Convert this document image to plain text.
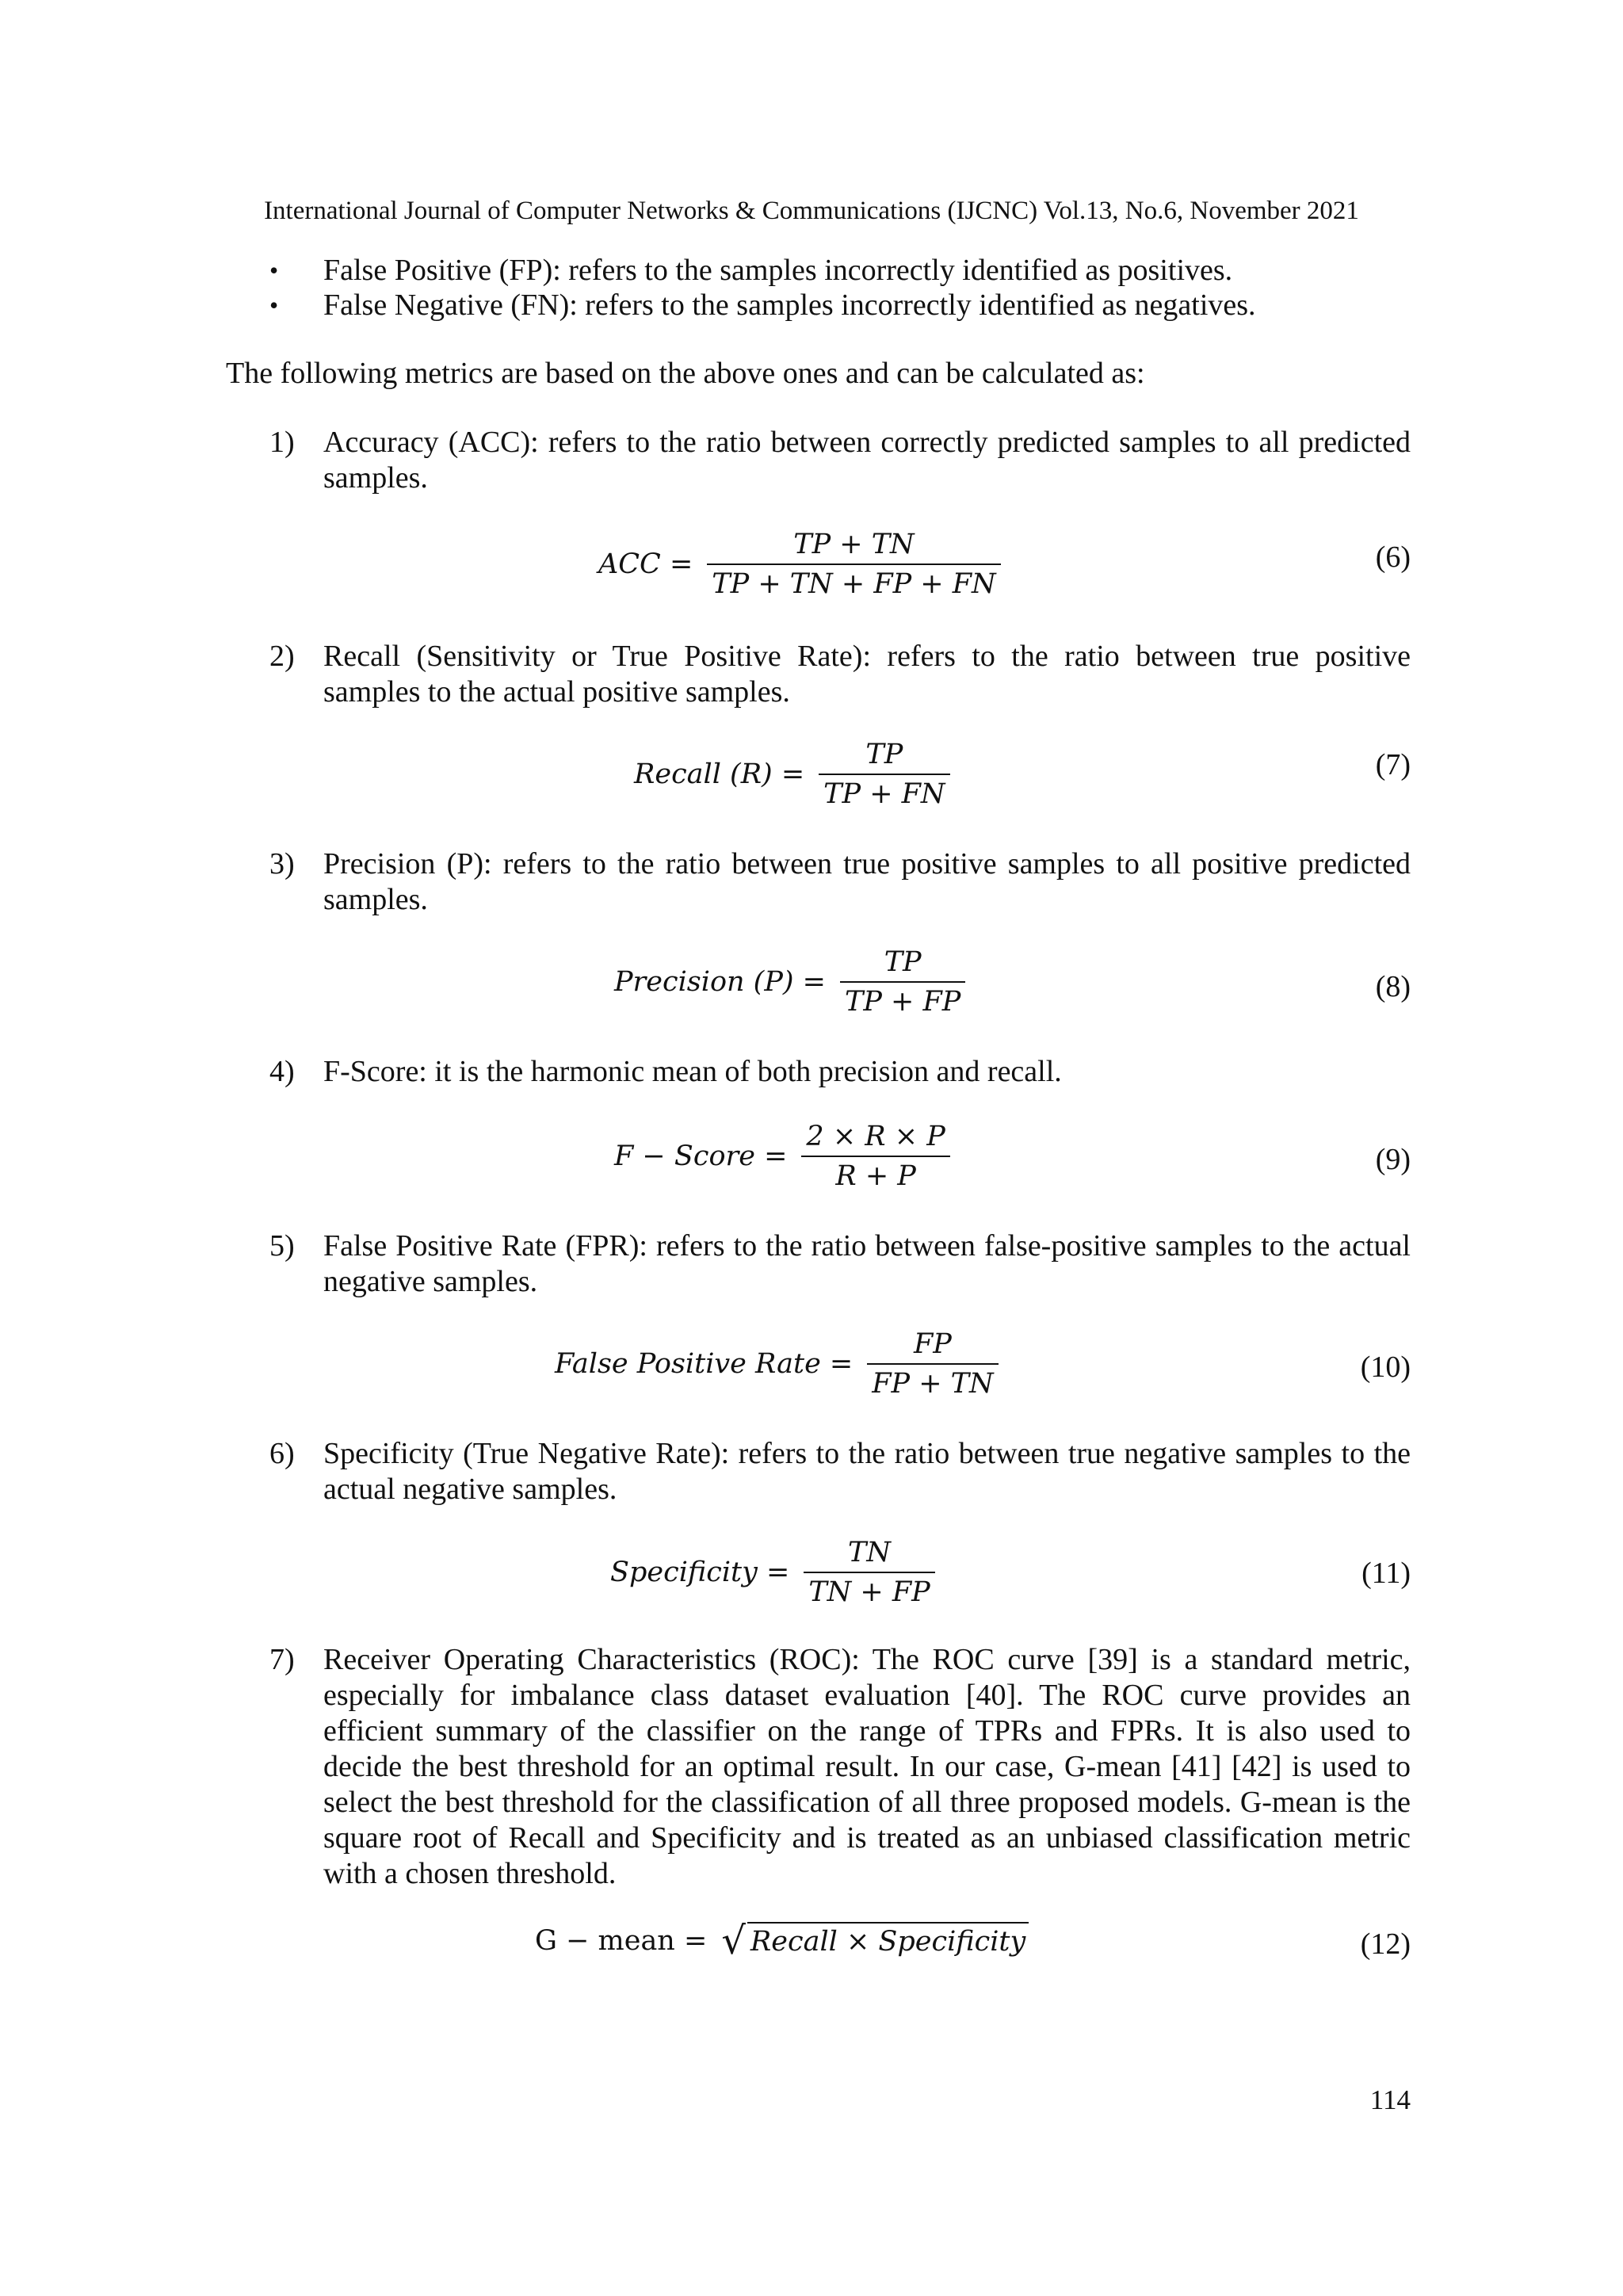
International Journal of Computer Networks & Communications (IJCNC) Vol.13, No.6, November 2021
•	False Positive (FP): refers to the samples incorrectly identified as positives.
•	False Negative (FN): refers to the samples incorrectly identified as negatives.
The following metrics are based on the above ones and can be calculated as:
1) Accuracy (ACC): refers to the ratio between correctly predicted samples to all predicted
samples.
ACC = $\frac{TP + TN}{TP + TN + FP + FN}$	(6)
2) Recall (Sensitivity or True Positive Rate): refers to the ratio between true positive
samples to the actual positive samples.
Recall $(R) = \frac{TP}{TP + FN}$	(7)
3) Precision (P): refers to the ratio between true positive samples to all positive predicted
samples.
Precision $(P) = \frac{TP}{TP + FP}$	(8)
4) F-Score: it is the harmonic mean of both precision and recall.
F − Score = $\frac{2 \times R \times P}{R + P}$	(9)
5) False Positive Rate (FPR): refers to the ratio between false-positive samples to the actual
negative samples.
False Positive Rate = $\frac{FP}{FP + TN}$	(10)
6) Specificity (True Negative Rate): refers to the ratio between true negative samples to the
actual negative samples.
Specificity = $\frac{TN}{TN + FP}$	(11)
7) Receiver Operating Characteristics (ROC): The ROC curve [39] is a standard metric,
especially for imbalance class dataset evaluation [40]. The ROC curve provides an
efficient summary of the classifier on the range of TPRs and FPRs. It is also used to
decide the best threshold for an optimal result. In our case, G-mean [41] [42] is used to
select the best threshold for the classification of all three proposed models. G-mean is the
square root of Recall and Specificity and is treated as an unbiased classification metric
with a chosen threshold.
G − mean = √ Recall × Specificity	(12)
114
